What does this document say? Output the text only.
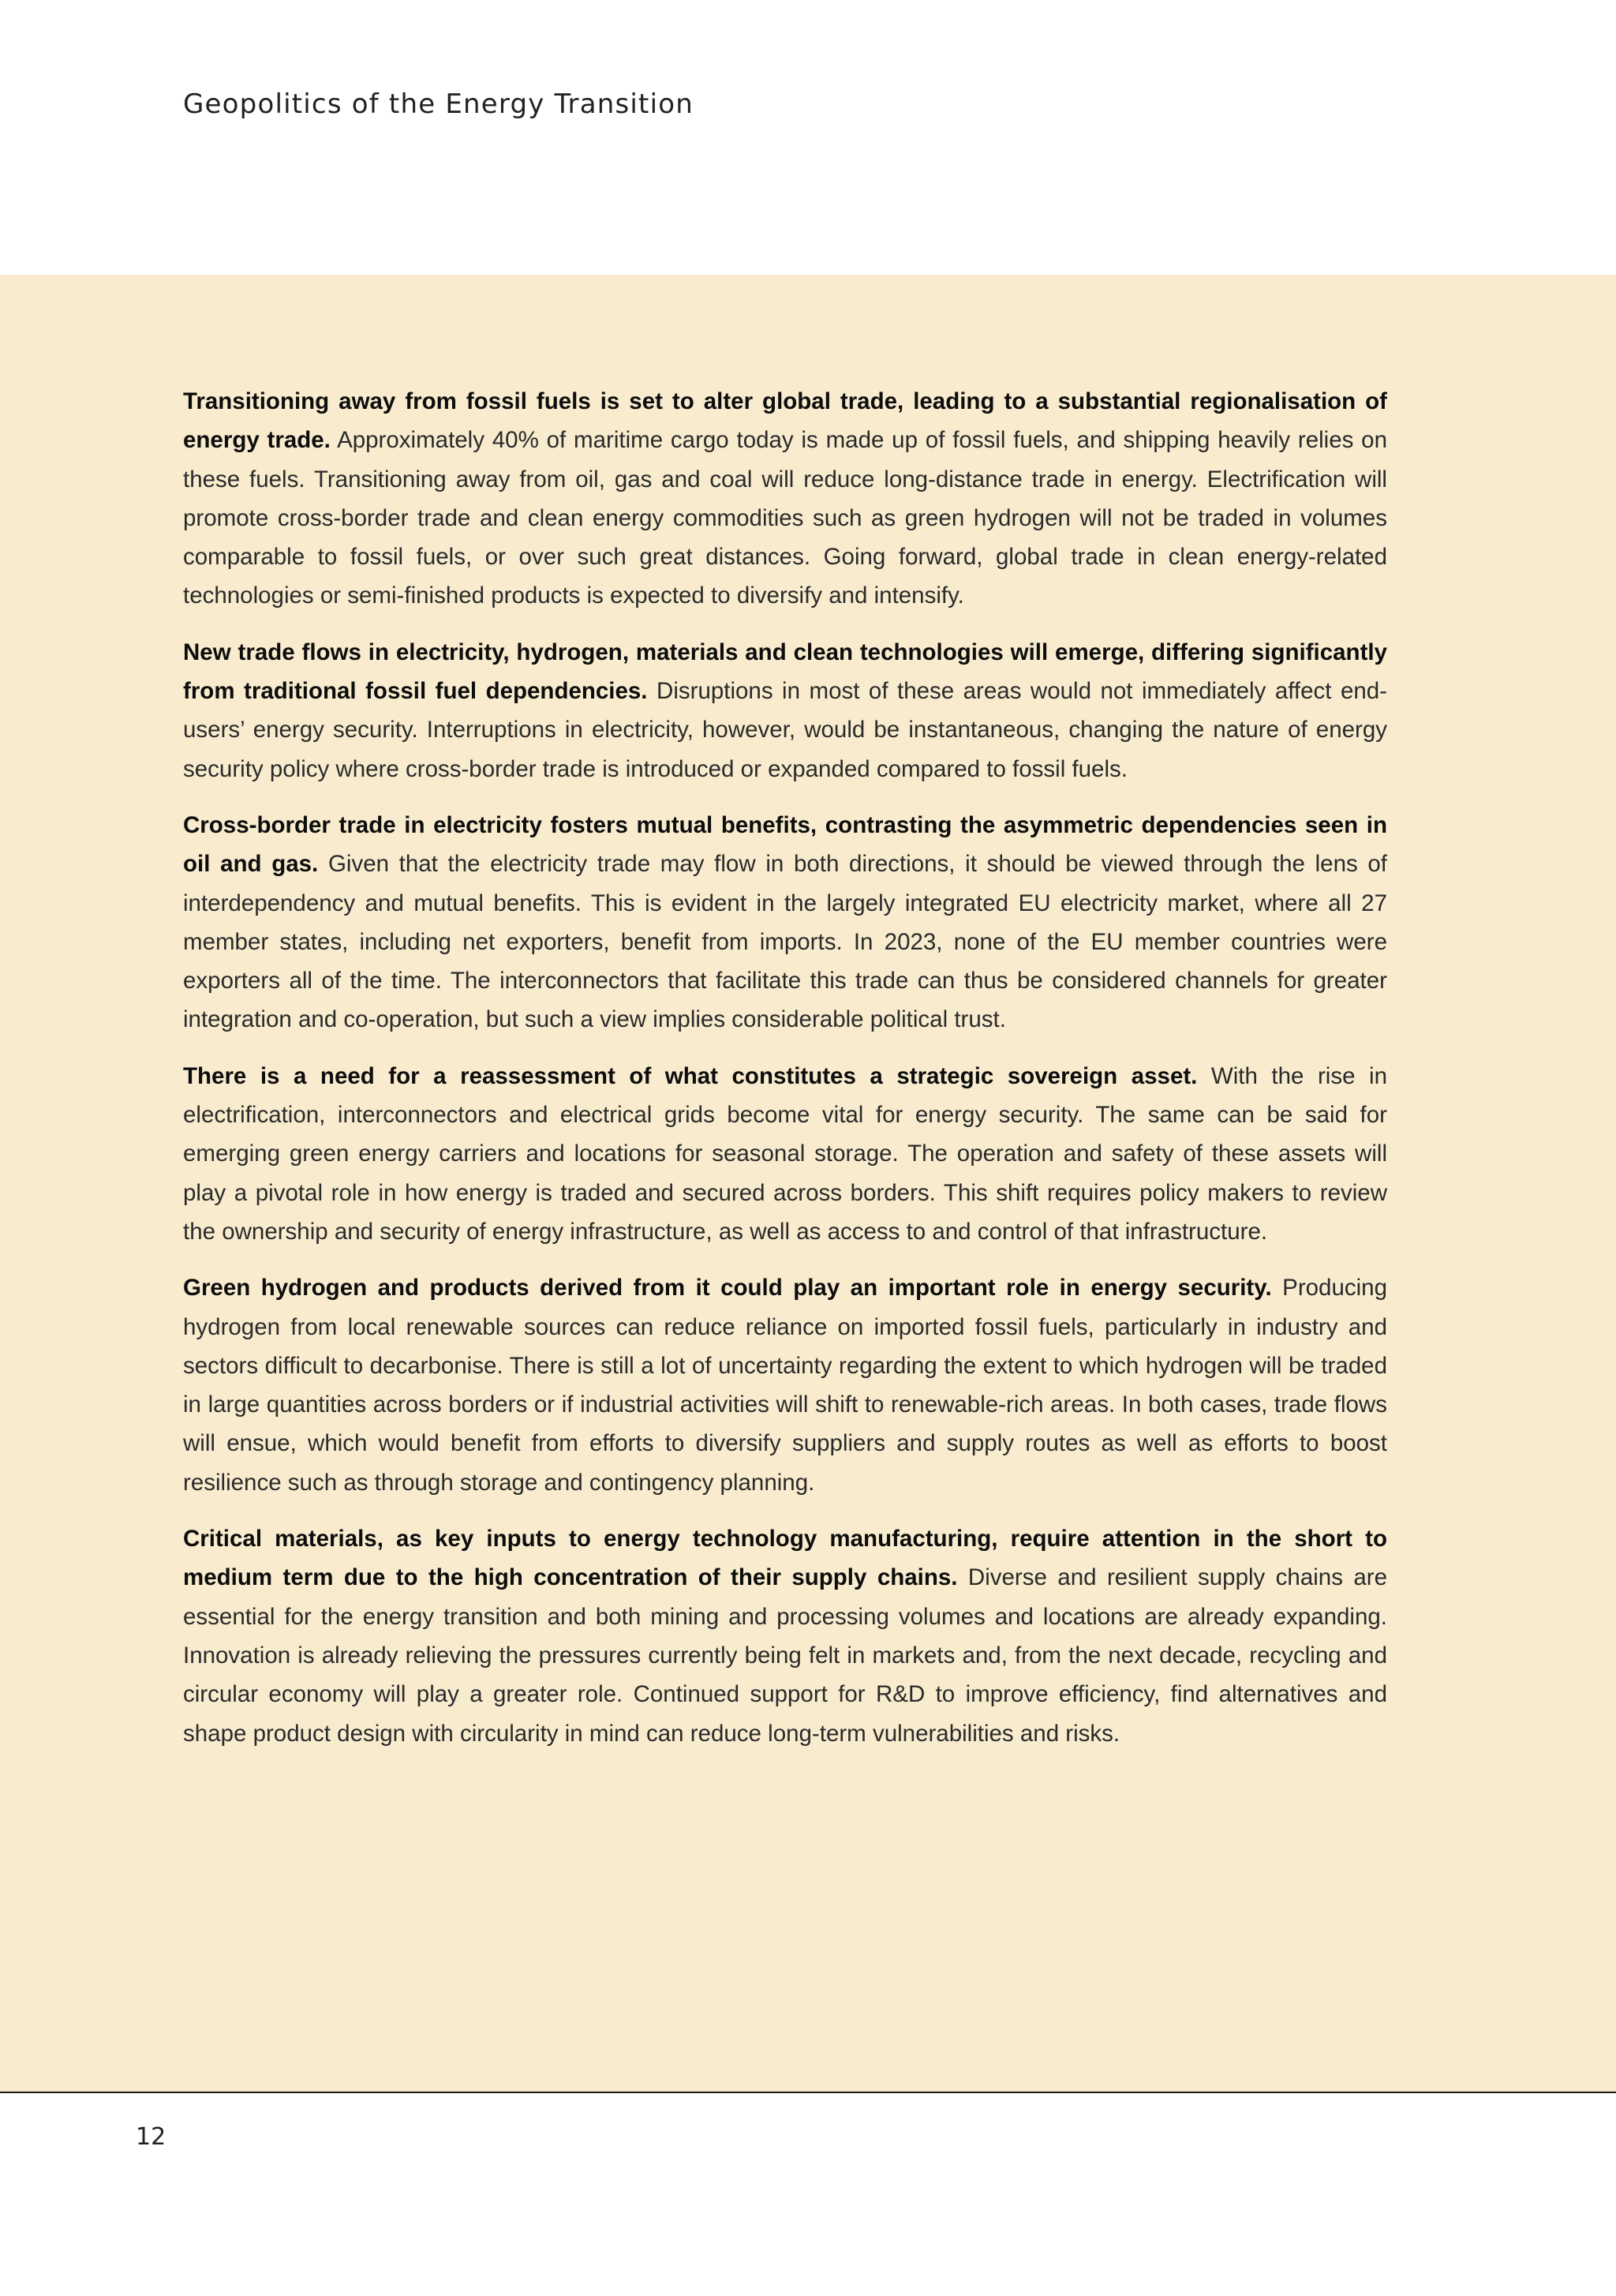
Geopolitics of the Energy Transition

Transitioning away from fossil fuels is set to alter global trade, leading to a substantial regionalisation of energy trade. Approximately 40% of maritime cargo today is made up of fossil fuels, and shipping heavily relies on these fuels. Transitioning away from oil, gas and coal will reduce long-distance trade in energy. Electrification will promote cross-border trade and clean energy commodities such as green hydrogen will not be traded in volumes comparable to fossil fuels, or over such great distances. Going forward, global trade in clean energy-related technologies or semi-finished products is expected to diversify and intensify.

New trade flows in electricity, hydrogen, materials and clean technologies will emerge, differing significantly from traditional fossil fuel dependencies. Disruptions in most of these areas would not immediately affect end-users’ energy security. Interruptions in electricity, however, would be instantaneous, changing the nature of energy security policy where cross-border trade is introduced or expanded compared to fossil fuels.

Cross-border trade in electricity fosters mutual benefits, contrasting the asymmetric dependencies seen in oil and gas. Given that the electricity trade may flow in both directions, it should be viewed through the lens of interdependency and mutual benefits. This is evident in the largely integrated EU electricity market, where all 27 member states, including net exporters, benefit from imports. In 2023, none of the EU member countries were exporters all of the time. The interconnectors that facilitate this trade can thus be considered channels for greater integration and co-operation, but such a view implies considerable political trust.

There is a need for a reassessment of what constitutes a strategic sovereign asset. With the rise in electrification, interconnectors and electrical grids become vital for energy security. The same can be said for emerging green energy carriers and locations for seasonal storage. The operation and safety of these assets will play a pivotal role in how energy is traded and secured across borders. This shift requires policy makers to review the ownership and security of energy infrastructure, as well as access to and control of that infrastructure.

Green hydrogen and products derived from it could play an important role in energy security. Producing hydrogen from local renewable sources can reduce reliance on imported fossil fuels, particularly in industry and sectors difficult to decarbonise. There is still a lot of uncertainty regarding the extent to which hydrogen will be traded in large quantities across borders or if industrial activities will shift to renewable-rich areas. In both cases, trade flows will ensue, which would benefit from efforts to diversify suppliers and supply routes as well as efforts to boost resilience such as through storage and contingency planning.

Critical materials, as key inputs to energy technology manufacturing, require attention in the short to medium term due to the high concentration of their supply chains. Diverse and resilient supply chains are essential for the energy transition and both mining and processing volumes and locations are already expanding. Innovation is already relieving the pressures currently being felt in markets and, from the next decade, recycling and circular economy will play a greater role. Continued support for R&D to improve efficiency, find alternatives and shape product design with circularity in mind can reduce long-term vulnerabilities and risks.

12
